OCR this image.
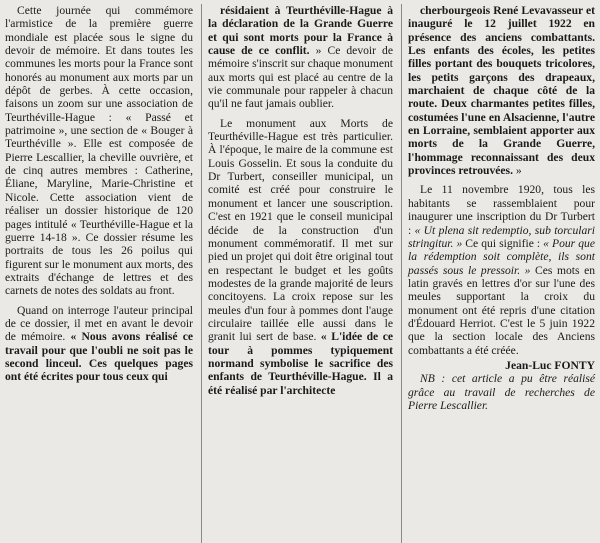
Cette journée qui commémore l'armistice de la première guerre mondiale est placée sous le signe du devoir de mémoire. Et dans toutes les communes les morts pour la France sont honorés au monument aux morts par un dépôt de gerbes. À cette occasion, faisons un zoom sur une association de Teurthéville-Hague : « Passé et patrimoine », une section de « Bouger à Teurthéville ». Elle est composée de Pierre Lescallier, la cheville ouvrière, et de cinq autres membres : Catherine, Éliane, Maryline, Marie-Christine et Nicole. Cette association vient de réaliser un dossier historique de 120 pages intitulé « Teurthéville-Hague et la guerre 14-18 ». Ce dossier résume les portraits de tous les 26 poilus qui figurent sur le monument aux morts, des extraits d'échange de lettres et des carnets de notes des soldats au front.

Quand on interroge l'auteur principal de ce dossier, il met en avant le devoir de mémoire. « Nous avons réalisé ce travail pour que l'oubli ne soit pas le second linceul. Ces quelques pages ont été écrites pour tous ceux qui

résidaient à Teurthéville-Hague à la déclaration de la Grande Guerre et qui sont morts pour la France à cause de ce conflit. » Ce devoir de mémoire s'inscrit sur chaque monument aux morts qui est placé au centre de la vie communale pour rappeler à chacun qu'il ne faut jamais oublier.

Le monument aux Morts de Teurthéville-Hague est très particulier. À l'époque, le maire de la commune est Louis Gosselin. Et sous la conduite du Dr Turbert, conseiller municipal, un comité est créé pour construire le monument et lancer une souscription. C'est en 1921 que le conseil municipal décide de la construction d'un monument commémoratif. Il met sur pied un projet qui doit être original tout en respectant le budget et les goûts modestes de la grande majorité de leurs concitoyens. La croix repose sur les meules d'un four à pommes dont l'auge circulaire taillée elle aussi dans le granit lui sert de base. « L'idée de ce tour à pommes typiquement normand symbolise le sacrifice des enfants de Teurthéville-Hague. Il a été réalisé par l'architecte

cherbourgeois René Levavasseur et inauguré le 12 juillet 1922 en présence des anciens combattants. Les enfants des écoles, les petites filles portant des bouquets tricolores, les petits garçons des drapeaux, marchaient de chaque côté de la route. Deux charmantes petites filles, costumées l'une en Alsacienne, l'autre en Lorraine, semblaient apporter aux morts de la Grande Guerre, l'hommage reconnaissant des deux provinces retrouvées. »

Le 11 novembre 1920, tous les habitants se rassemblaient pour inaugurer une inscription du Dr Turbert : « Ut plena sit redemptio, sub torculari stringitur. » Ce qui signifie : « Pour que la rédemption soit complète, ils sont passés sous le pressoir. » Ces mots en latin gravés en lettres d'or sur l'une des meules supportant la croix du monument ont été repris d'une citation d'Édouard Herriot. C'est le 5 juin 1922 que la section locale des Anciens combattants a été créée.

Jean-Luc FONTY

NB : cet article a pu être réalisé grâce au travail de recherches de Pierre Lescallier.
